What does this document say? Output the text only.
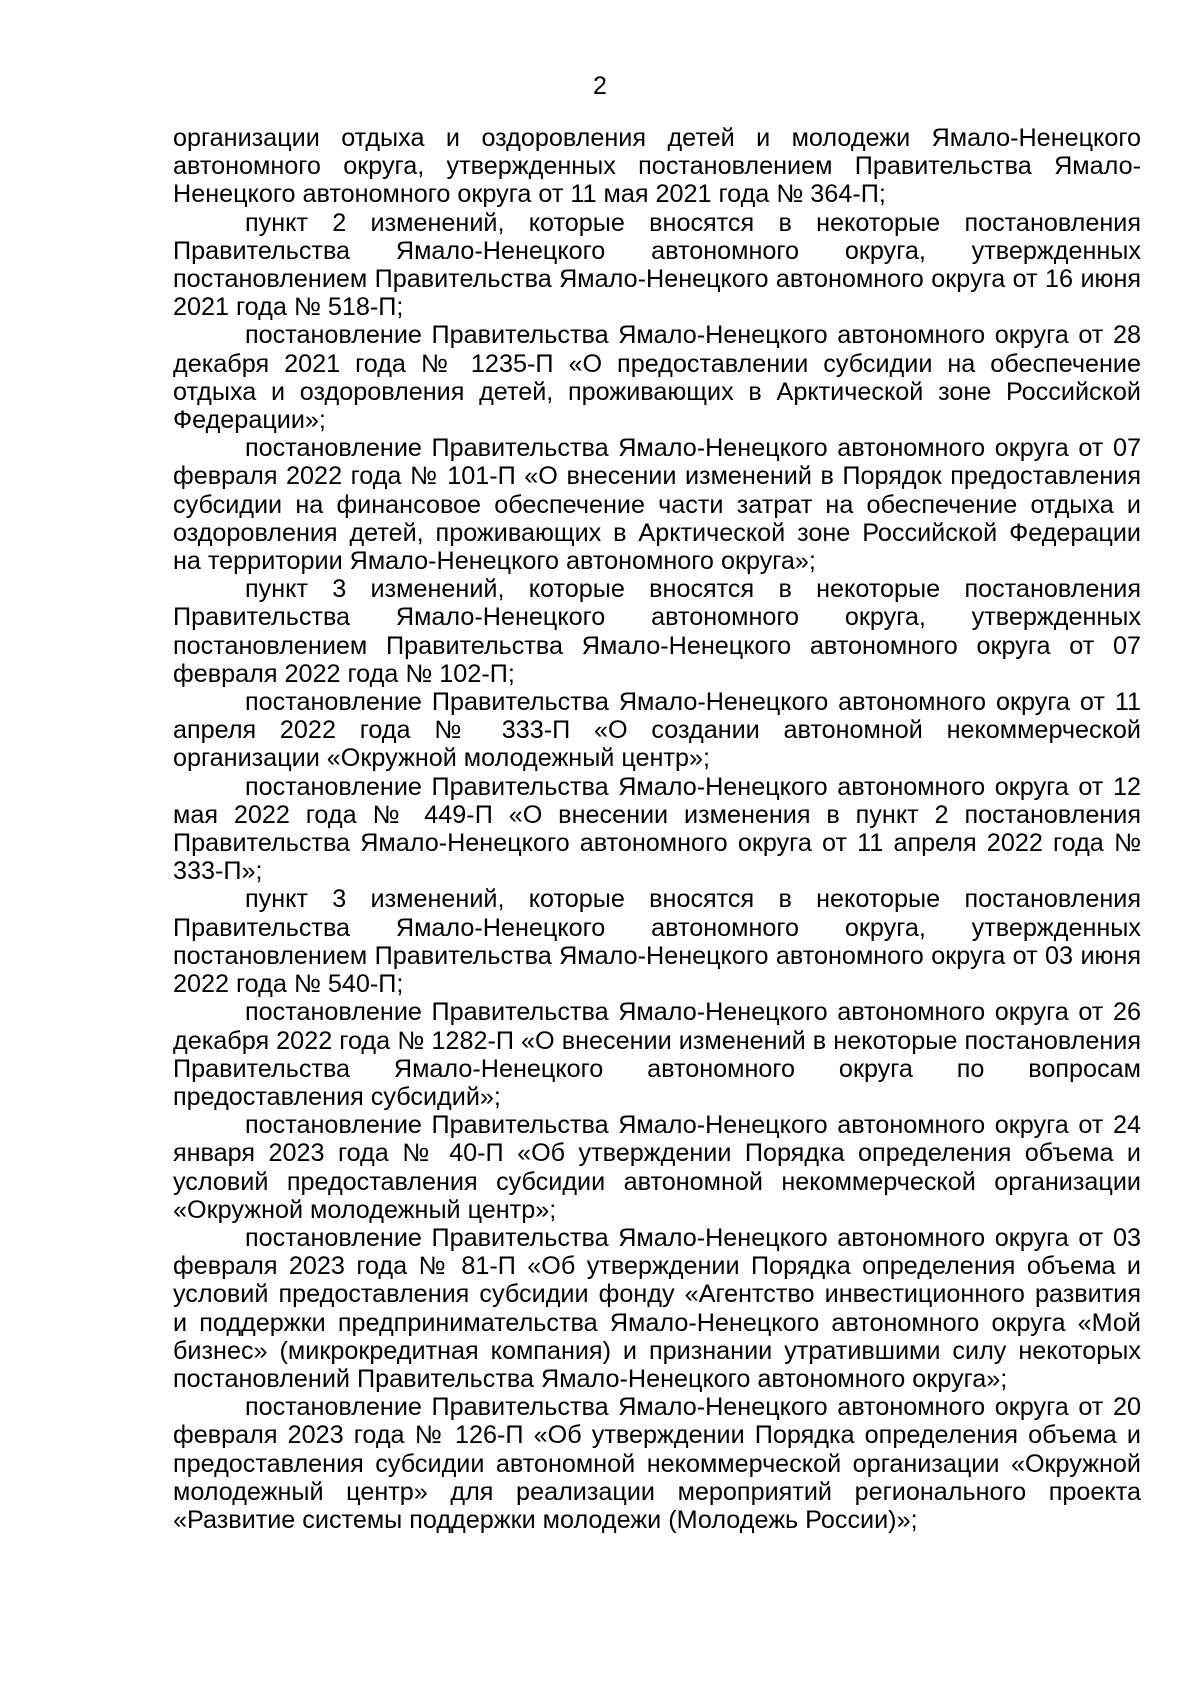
2

организации отдыха и оздоровления детей и молодежи Ямало-Ненецкого автономного округа, утвержденных постановлением Правительства Ямало-Ненецкого автономного округа от 11 мая 2021 года № 364-П;

пункт 2 изменений, которые вносятся в некоторые постановления Правительства Ямало-Ненецкого автономного округа, утвержденных постановлением Правительства Ямало-Ненецкого автономного округа от 16 июня 2021 года № 518-П;

постановление Правительства Ямало-Ненецкого автономного округа от 28 декабря 2021 года № 1235-П «О предоставлении субсидии на обеспечение отдыха и оздоровления детей, проживающих в Арктической зоне Российской Федерации»;

постановление Правительства Ямало-Ненецкого автономного округа от 07 февраля 2022 года № 101-П «О внесении изменений в Порядок предоставления субсидии на финансовое обеспечение части затрат на обеспечение отдыха и оздоровления детей, проживающих в Арктической зоне Российской Федерации на территории Ямало-Ненецкого автономного округа»;

пункт 3 изменений, которые вносятся в некоторые постановления Правительства Ямало-Ненецкого автономного округа, утвержденных постановлением Правительства Ямало-Ненецкого автономного округа от 07 февраля 2022 года № 102-П;

постановление Правительства Ямало-Ненецкого автономного округа от 11 апреля 2022 года № 333-П «О создании автономной некоммерческой организации «Окружной молодежный центр»;

постановление Правительства Ямало-Ненецкого автономного округа от 12 мая 2022 года № 449-П «О внесении изменения в пункт 2 постановления Правительства Ямало-Ненецкого автономного округа от 11 апреля 2022 года № 333-П»;

пункт 3 изменений, которые вносятся в некоторые постановления Правительства Ямало-Ненецкого автономного округа, утвержденных постановлением Правительства Ямало-Ненецкого автономного округа от 03 июня 2022 года № 540-П;

постановление Правительства Ямало-Ненецкого автономного округа от 26 декабря 2022 года № 1282-П «О внесении изменений в некоторые постановления Правительства Ямало-Ненецкого автономного округа по вопросам предоставления субсидий»;

постановление Правительства Ямало-Ненецкого автономного округа от 24 января 2023 года № 40-П «Об утверждении Порядка определения объема и условий предоставления субсидии автономной некоммерческой организации «Окружной молодежный центр»;

постановление Правительства Ямало-Ненецкого автономного округа от 03 февраля 2023 года № 81-П «Об утверждении Порядка определения объема и условий предоставления субсидии фонду «Агентство инвестиционного развития и поддержки предпринимательства Ямало-Ненецкого автономного округа «Мой бизнес» (микрокредитная компания) и признании утратившими силу некоторых постановлений Правительства Ямало-Ненецкого автономного округа»;

постановление Правительства Ямало-Ненецкого автономного округа от 20 февраля 2023 года № 126-П «Об утверждении Порядка определения объема и предоставления субсидии автономной некоммерческой организации «Окружной молодежный центр» для реализации мероприятий регионального проекта «Развитие системы поддержки молодежи (Молодежь России)»;
